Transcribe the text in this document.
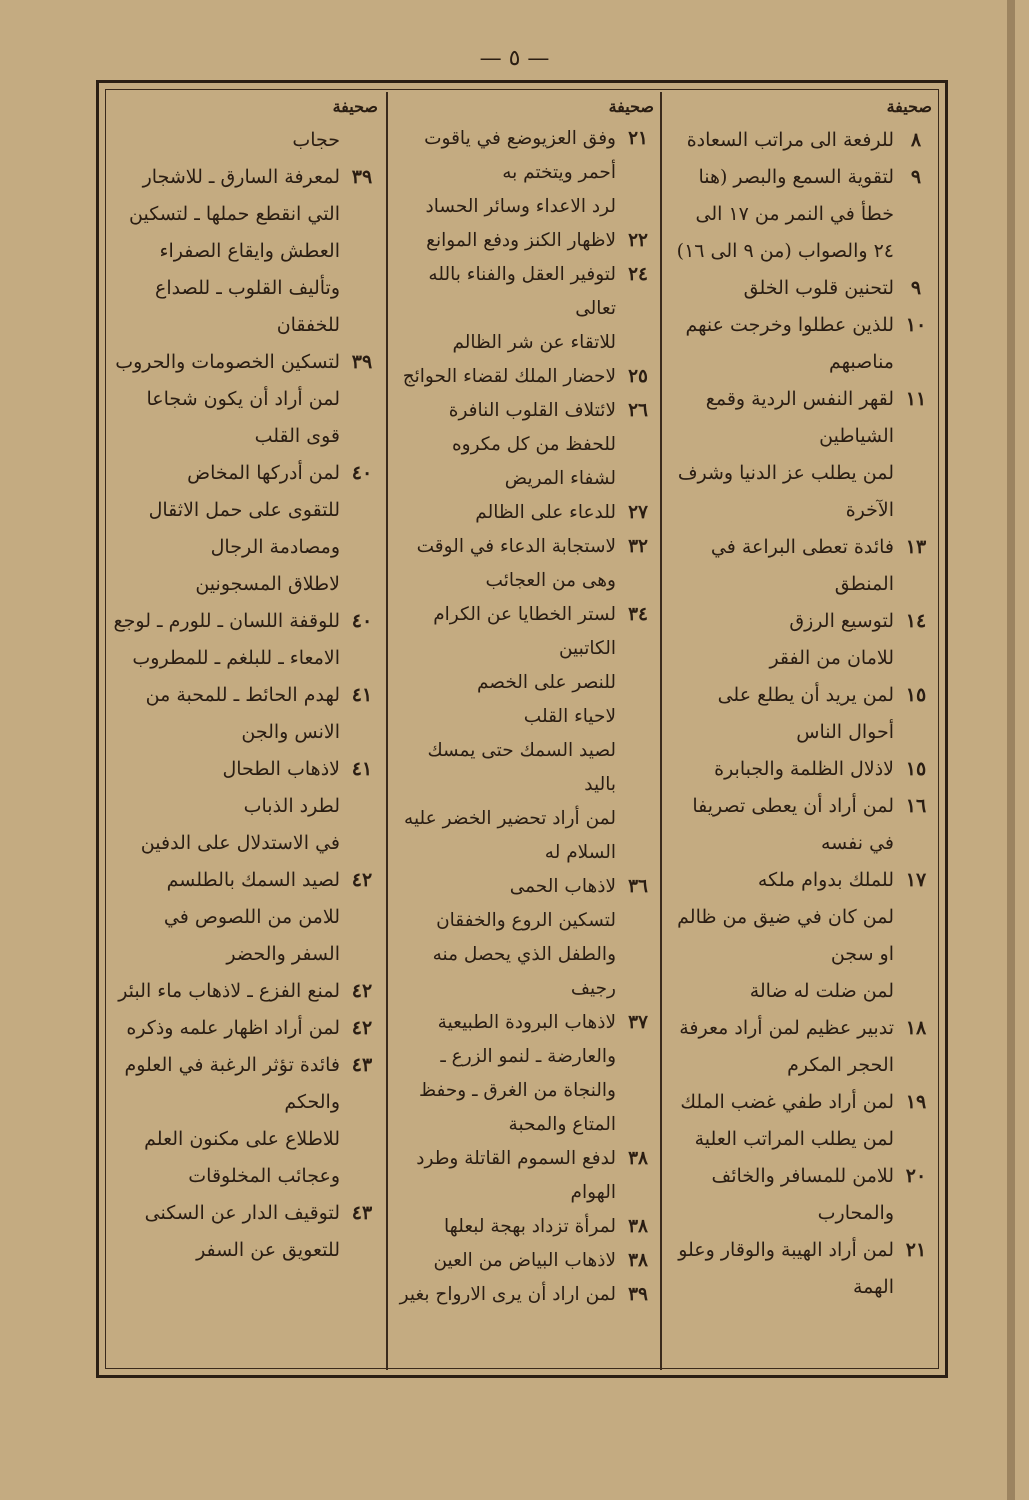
— ٥ —
صحيفة
٨
للرفعة الى مراتب السعادة
٩
لتقوية السمع والبصر (هنا خطأ في النمر من ١٧ الى ٢٤ والصواب (من ٩ الى ١٦)
٩
لتحنين قلوب الخلق
١٠
للذين عطلوا وخرجت عنهم مناصبهم
١١
لقهر النفس الردية وقمع الشياطين
لمن يطلب عز الدنيا وشرف الآخرة
١٣
فائدة تعطى البراعة في المنطق
١٤
لتوسيع الرزق
للامان من الفقر
١٥
لمن يريد أن يطلع على أحوال الناس
١٥
لاذلال الظلمة والجبابرة
١٦
لمن أراد أن يعطى تصريفا في نفسه
١٧
للملك بدوام ملكه
لمن كان في ضيق من ظالم او سجن
لمن ضلت له ضالة
١٨
تدبير عظيم لمن أراد معرفة الحجر المكرم
١٩
لمن أراد طفي غضب الملك
لمن يطلب المراتب العلية
٢٠
للامن للمسافر والخائف والمحارب
٢١
لمن أراد الهيبة والوقار وعلو الهمة
صحيفة
٢١
وفق العزيوضع في ياقوت أحمر ويتختم به
لرد الاعداء وسائر الحساد
٢٢
لاظهار الكنز ودفع الموانع
٢٤
لتوفير العقل والفناء بالله تعالى
للاتقاء عن شر الظالم
٢٥
لاحضار الملك لقضاء الحوائج
٢٦
لائتلاف القلوب النافرة
للحفظ من كل مكروه
لشفاء المريض
٢٧
للدعاء على الظالم
٣٢
لاستجابة الدعاء في الوقت وهى من العجائب
٣٤
لستر الخطايا عن الكرام الكاتبين
للنصر على الخصم
لاحياء القلب
لصيد السمك حتى يمسك باليد
لمن أراد تحضير الخضر عليه السلام له
٣٦
لاذهاب الحمى
لتسكين الروع والخفقان والطفل الذي يحصل منه رجيف
٣٧
لاذهاب البرودة الطبيعية والعارضة ـ لنمو الزرع ـ والنجاة من الغرق ـ وحفظ المتاع والمحبة
٣٨
لدفع السموم القاتلة وطرد الهوام
٣٨
لمرأة تزداد بهجة لبعلها
٣٨
لاذهاب البياض من العين
٣٩
لمن اراد أن يرى الارواح بغير
صحيفة
حجاب
٣٩
لمعرفة السارق ـ للاشجار التي انقطع حملها ـ لتسكين العطش وايقاع الصفراء وتأليف القلوب ـ للصداع للخفقان
٣٩
لتسكين الخصومات والحروب
لمن أراد أن يكون شجاعا قوى القلب
٤٠
لمن أدركها المخاض
للتقوى على حمل الاثقال ومصادمة الرجال
لاطلاق المسجونين
٤٠
للوقفة اللسان ـ للورم ـ لوجع الامعاء ـ للبلغم ـ للمطروب
٤١
لهدم الحائط ـ للمحبة من الانس والجن
٤١
لاذهاب الطحال
لطرد الذباب
في الاستدلال على الدفين
٤٢
لصيد السمك بالطلسم
للامن من اللصوص في السفر والحضر
٤٢
لمنع الفزع ـ لاذهاب ماء البئر
٤٢
لمن أراد اظهار علمه وذكره
٤٣
فائدة تؤثر الرغبة في العلوم والحكم
للاطلاع على مكنون العلم وعجائب المخلوقات
٤٣
لتوقيف الدار عن السكنى
للتعويق عن السفر
